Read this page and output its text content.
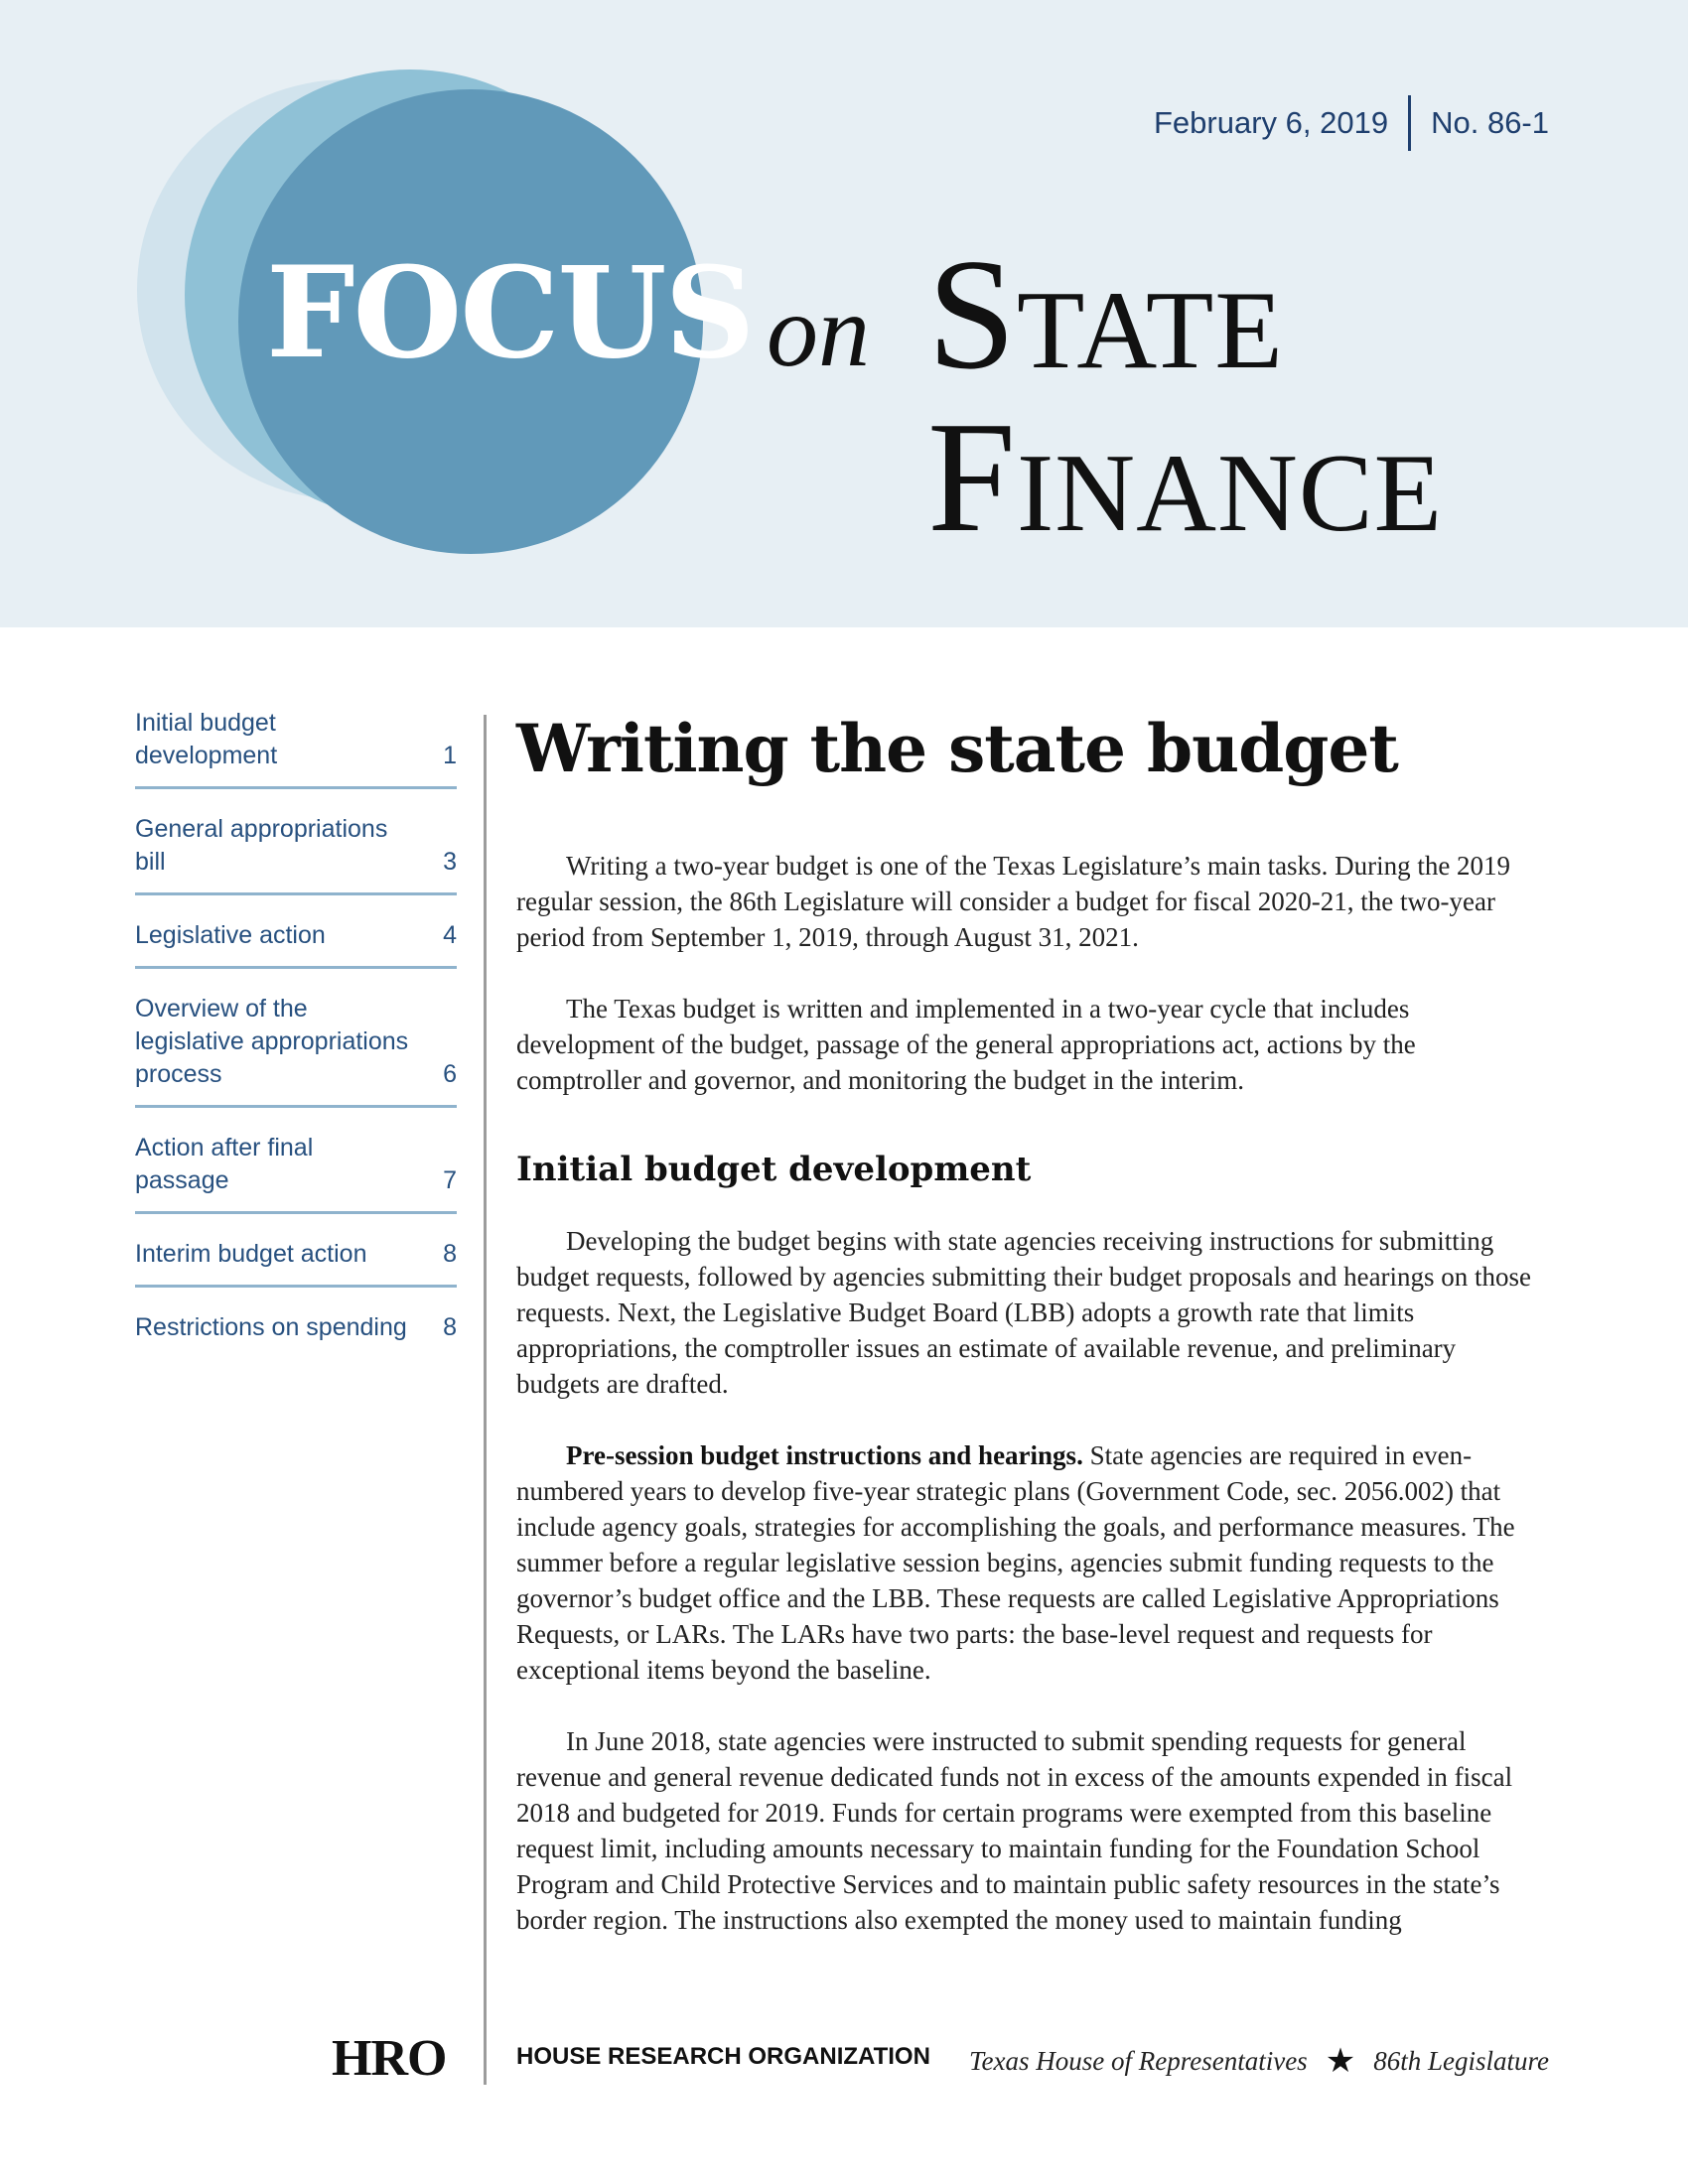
February 6, 2019 No. 86-1
FOCUS on State
Finance
Initial budget development	1
General appropriations bill	3
Legislative action	4
Overview of the legislative appropriations process	6
Action after final passage	7
Interim budget action	8
Restrictions on spending	8
Writing the state budget

Writing a two-year budget is one of the Texas Legislature’s main tasks. During the 2019 regular session, the 86th Legislature will consider a budget for fiscal 2020-21, the two-year period from September 1, 2019, through August 31, 2021.

The Texas budget is written and implemented in a two-year cycle that includes development of the budget, passage of the general appropriations act, actions by the comptroller and governor, and monitoring the budget in the interim.

Initial budget development

Developing the budget begins with state agencies receiving instructions for submitting budget requests, followed by agencies submitting their budget proposals and hearings on those requests. Next, the Legislative Budget Board (LBB) adopts a growth rate that limits appropriations, the comptroller issues an estimate of available revenue, and preliminary budgets are drafted.

Pre-session budget instructions and hearings. State agencies are required in even-numbered years to develop five-year strategic plans (Government Code, sec. 2056.002) that include agency goals, strategies for accomplishing the goals, and performance measures. The summer before a regular legislative session begins, agencies submit funding requests to the governor’s budget office and the LBB. These requests are called Legislative Appropriations Requests, or LARs. The LARs have two parts: the base-level request and requests for exceptional items beyond the baseline.

In June 2018, state agencies were instructed to submit spending requests for general revenue and general revenue dedicated funds not in excess of the amounts expended in fiscal 2018 and budgeted for 2019. Funds for certain programs were exempted from this baseline request limit, including amounts necessary to maintain funding for the Foundation School Program and Child Protective Services and to maintain public safety resources in the state’s border region. The instructions also exempted the money used to maintain funding

HRO	HOUSE RESEARCH ORGANIZATION Texas House of Representatives ★ 86th Legislature
